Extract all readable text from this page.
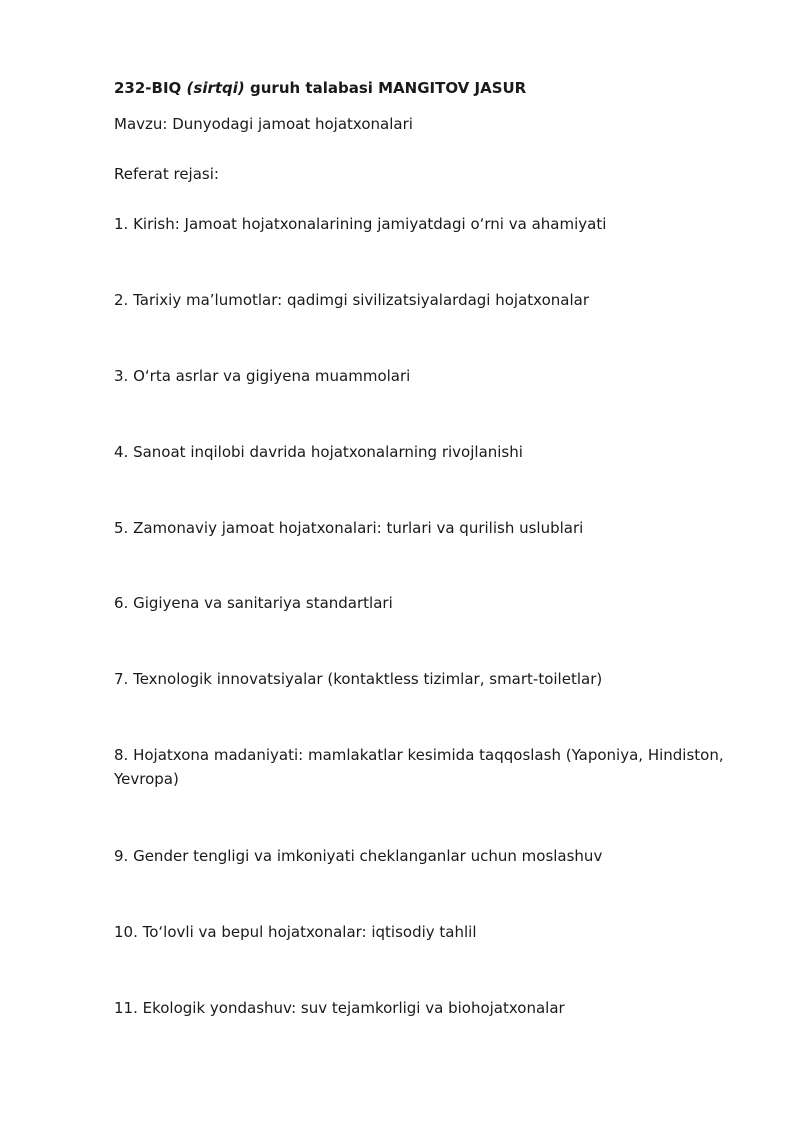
232-BIQ (sirtqi) guruh talabasi MANGITOV JASUR
Mavzu: Dunyodagi jamoat hojatxonalari
Referat rejasi:
1. Kirish: Jamoat hojatxonalarining jamiyatdagi o‘rni va ahamiyati
2. Tarixiy ma’lumotlar: qadimgi sivilizatsiyalardagi hojatxonalar
3. O‘rta asrlar va gigiyena muammolari
4. Sanoat inqilobi davrida hojatxonalarning rivojlanishi
5. Zamonaviy jamoat hojatxonalari: turlari va qurilish uslublari
6. Gigiyena va sanitariya standartlari
7. Texnologik innovatsiyalar (kontaktless tizimlar, smart-toiletlar)
8. Hojatxona madaniyati: mamlakatlar kesimida taqqoslash (Yaponiya, Hindiston, Yevropa)
9. Gender tengligi va imkoniyati cheklanganlar uchun moslashuv
10. To‘lovli va bepul hojatxonalar: iqtisodiy tahlil
11. Ekologik yondashuv: suv tejamkorligi va biohojatxonalar
